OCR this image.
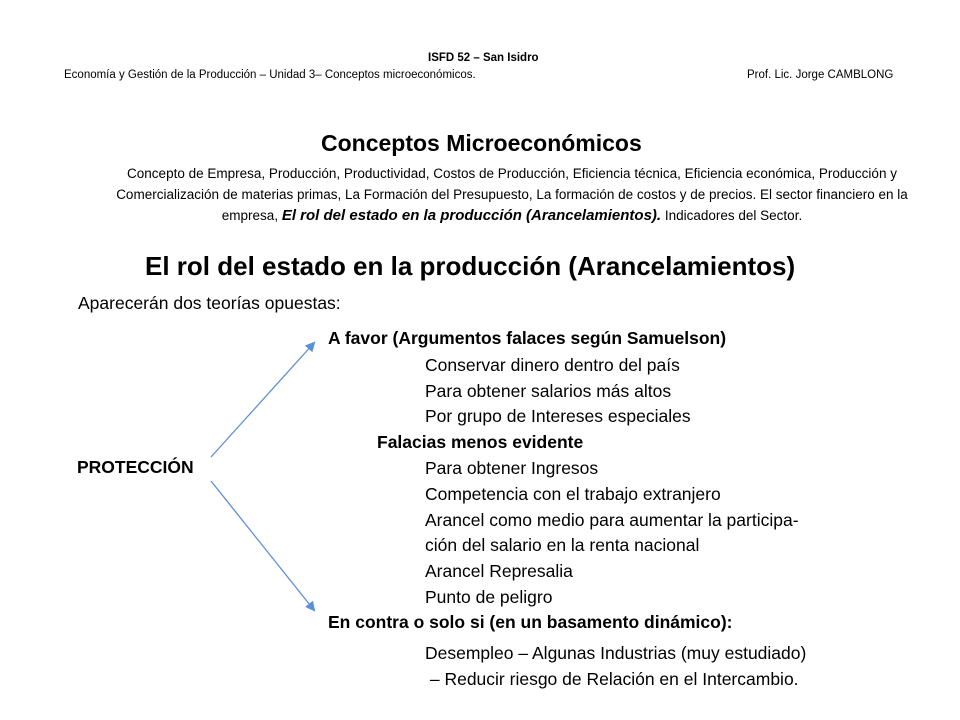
ISFD 52 – San Isidro
Economía y Gestión de la Producción – Unidad 3– Conceptos microeconómicos.	Prof. Lic. Jorge CAMBLONG
Conceptos Microeconómicos
Concepto de Empresa, Producción, Productividad, Costos de Producción, Eficiencia técnica, Eficiencia económica, Producción y Comercialización de materias primas, La Formación del Presupuesto, La formación de costos y de precios. El sector financiero en la empresa, El rol del estado en la producción (Arancelamientos). Indicadores del Sector.
El rol del estado en la producción (Arancelamientos)
Aparecerán dos teorías opuestas:
PROTECCIÓN
A favor (Argumentos falaces según Samuelson)
Conservar dinero dentro del país
Para obtener salarios más altos
Por grupo de Intereses especiales
Falacias menos evidente
Para obtener Ingresos
Competencia con el trabajo extranjero
Arancel como medio para aumentar la participa-
ción del salario en la renta nacional
Arancel Represalia
Punto de peligro
En contra o solo si (en un basamento dinámico):
Desempleo – Algunas Industrias (muy estudiado)
– Reducir riesgo de Relación en el Intercambio.
